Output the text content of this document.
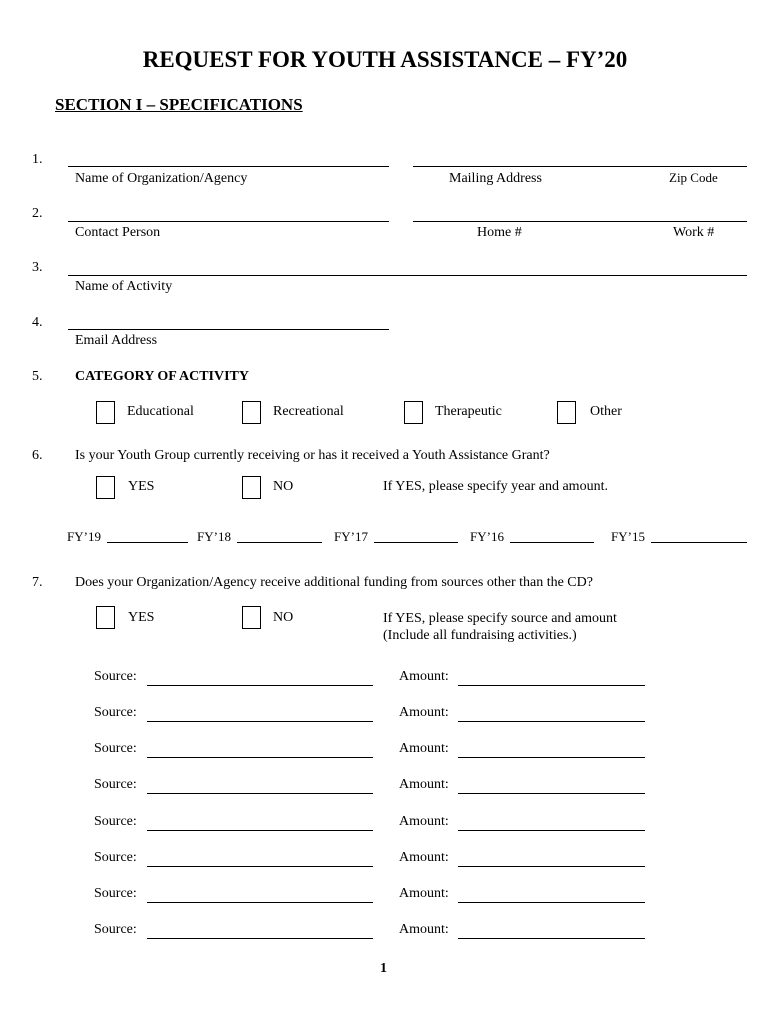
REQUEST FOR YOUTH ASSISTANCE – FY’20
SECTION I – SPECIFICATIONS
1.
Name of Organization/Agency	Mailing Address	Zip Code
2.
Contact Person	Home #	Work #
3.
Name of Activity
4.
Email Address
5. CATEGORY OF ACTIVITY
Educational	Recreational	Therapeutic	Other
6. Is your Youth Group currently receiving or has it received a Youth Assistance Grant?
YES	NO	If YES, please specify year and amount.
FY’19	FY’18	FY’17	FY’16	FY’15
7. Does your Organization/Agency receive additional funding from sources other than the CD?
YES	NO	If YES, please specify source and amount
(Include all fundraising activities.)
Source:	Amount:
Source:	Amount:
Source:	Amount:
Source:	Amount:
Source:	Amount:
Source:	Amount:
Source:	Amount:
Source:	Amount:
1
